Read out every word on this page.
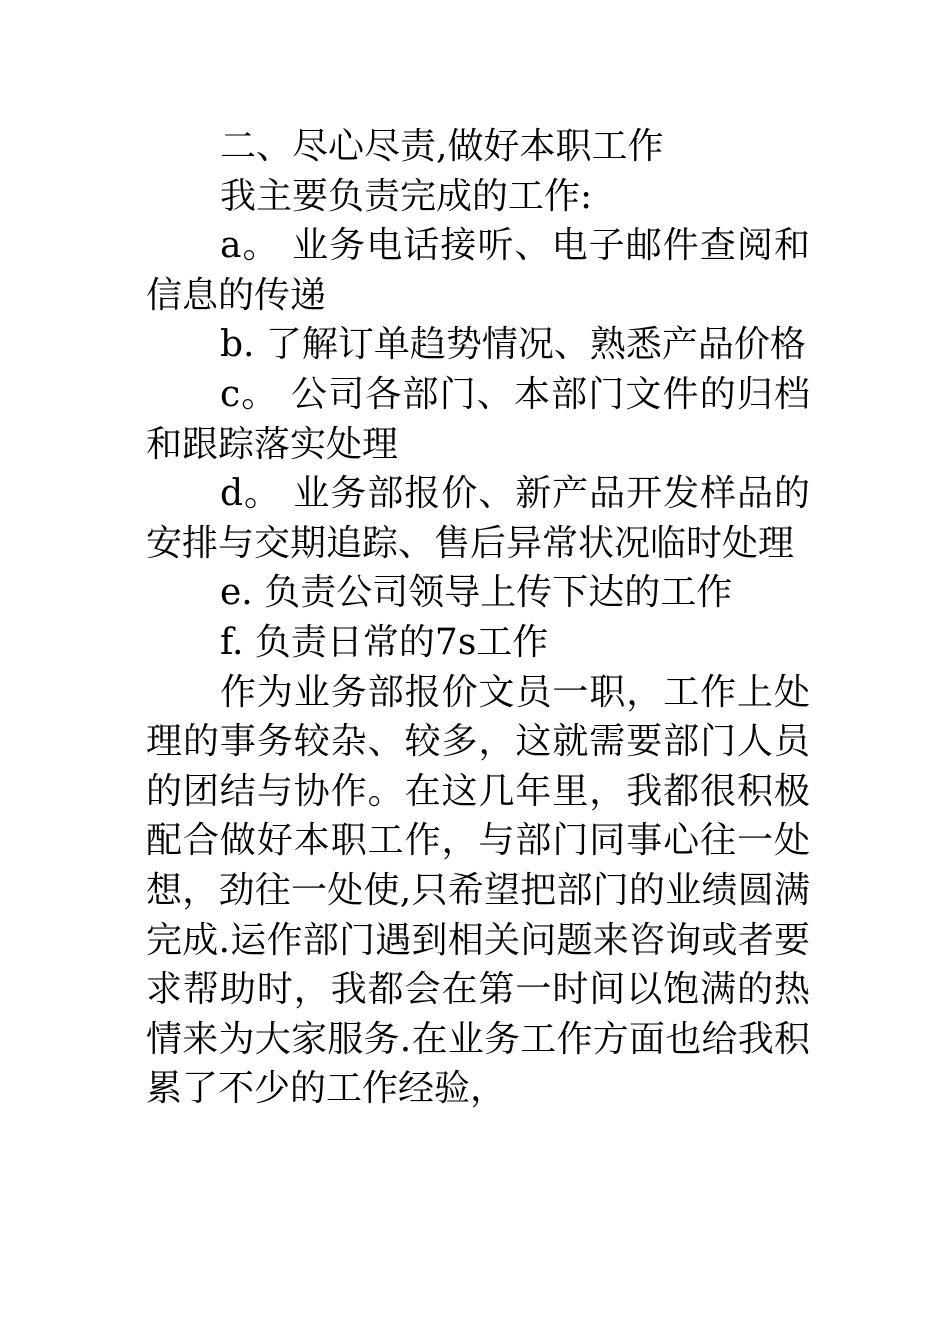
二、尽心尽责,做好本职工作

我主要负责完成的工作:

a。 业务电话接听、电子邮件查阅和信息的传递

b. 了解订单趋势情况、熟悉产品价格

c。 公司各部门、本部门文件的归档和跟踪落实处理

d。 业务部报价、新产品开发样品的安排与交期追踪、售后异常状况临时处理

e. 负责公司领导上传下达的工作

f. 负责日常的7s工作

作为业务部报价文员一职，工作上处理的事务较杂、较多，这就需要部门人员的团结与协作。在这几年里，我都很积极配合做好本职工作，与部门同事心往一处想，劲往一处使,只希望把部门的业绩圆满完成.运作部门遇到相关问题来咨询或者要求帮助时，我都会在第一时间以饱满的热情来为大家服务.在业务工作方面也给我积累了不少的工作经验，
